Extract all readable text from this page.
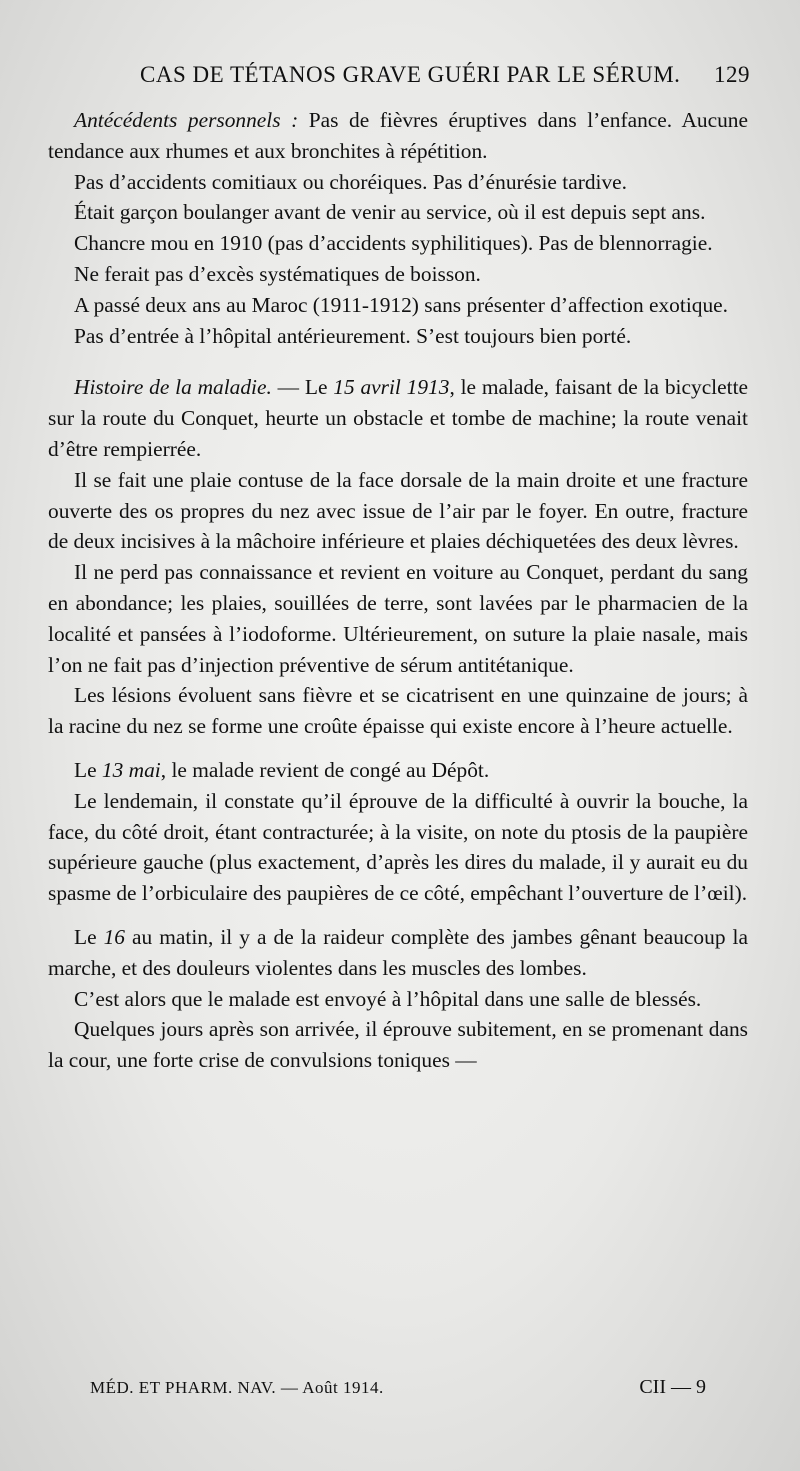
CAS DE TÉTANOS GRAVE GUÉRI PAR LE SÉRUM. 129

Antécédents personnels : Pas de fièvres éruptives dans l’enfance. Aucune tendance aux rhumes et aux bronchites à répétition.

Pas d’accidents comitiaux ou choréiques. Pas d’énurésie tardive.

Était garçon boulanger avant de venir au service, où il est depuis sept ans.

Chancre mou en 1910 (pas d’accidents syphilitiques). Pas de blennorragie.

Ne ferait pas d’excès systématiques de boisson.

A passé deux ans au Maroc (1911-1912) sans présenter d’affection exotique.

Pas d’entrée à l’hôpital antérieurement. S’est toujours bien porté.

Histoire de la maladie. — Le 15 avril 1913, le malade, faisant de la bicyclette sur la route du Conquet, heurte un obstacle et tombe de machine; la route venait d’être rempierrée.

Il se fait une plaie contuse de la face dorsale de la main droite et une fracture ouverte des os propres du nez avec issue de l’air par le foyer. En outre, fracture de deux incisives à la mâchoire inférieure et plaies déchiquetées des deux lèvres.

Il ne perd pas connaissance et revient en voiture au Conquet, perdant du sang en abondance; les plaies, souillées de terre, sont lavées par le pharmacien de la localité et pansées à l’iodoforme. Ultérieurement, on suture la plaie nasale, mais l’on ne fait pas d’injection préventive de sérum antitétanique.

Les lésions évoluent sans fièvre et se cicatrisent en une quinzaine de jours; à la racine du nez se forme une croûte épaisse qui existe encore à l’heure actuelle.

Le 13 mai, le malade revient de congé au Dépôt.

Le lendemain, il constate qu’il éprouve de la difficulté à ouvrir la bouche, la face, du côté droit, étant contracturée; à la visite, on note du ptosis de la paupière supérieure gauche (plus exactement, d’après les dires du malade, il y aurait eu du spasme de l’orbiculaire des paupières de ce côté, empêchant l’ouverture de l’œil).

Le 16 au matin, il y a de la raideur complète des jambes gênant beaucoup la marche, et des douleurs violentes dans les muscles des lombes.

C’est alors que le malade est envoyé à l’hôpital dans une salle de blessés.

Quelques jours après son arrivée, il éprouve subitement, en se promenant dans la cour, une forte crise de convulsions toniques —

MÉD. ET PHARM. NAV. — Août 1914.	CII — 9
